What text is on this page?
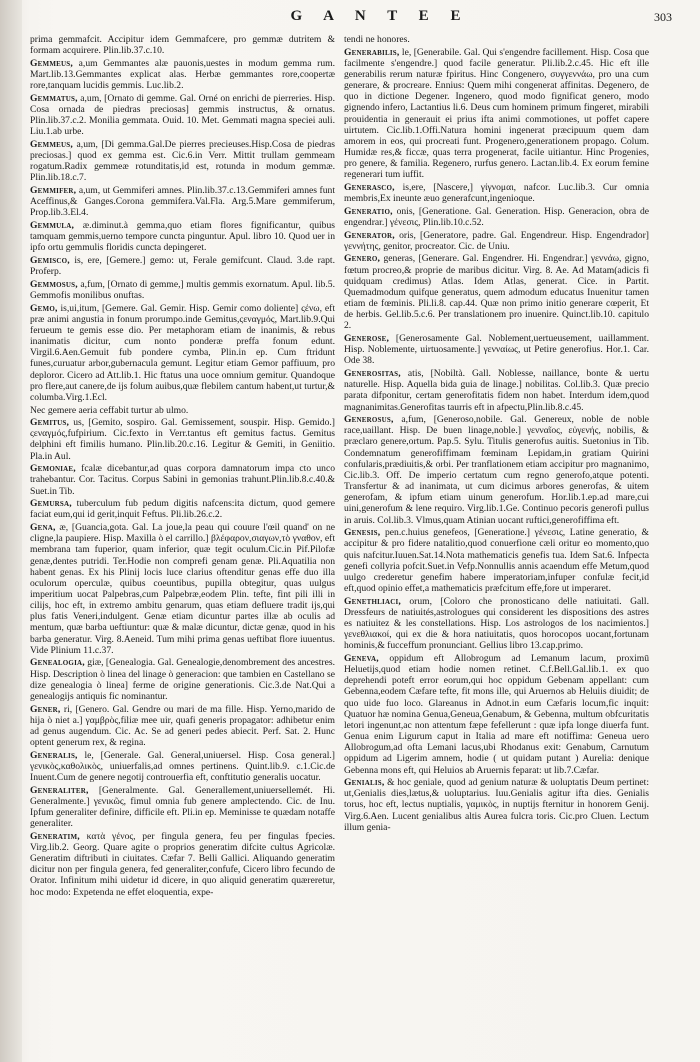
G A N T E E	303

prima gemmafcit. Accipitur idem Gemmafcere, pro gemmæ dutritem & formam acquirere. Plin.lib.37.c.10.

Gemmeus, a,um Gemmantes alæ pauonis,uestes in modum gemma rum. Mart.lib.13.Gemmantes explicat alas. Herbæ gemmantes rore,coopertæ rore,tanquam lucidis gemmis. Luc.lib.2.

Gemmatus, a,um, [Ornato di gemme. Gal. Orné on enrichi de pierreries. Hisp. Cosa ornada de piedras preciosas] gemmis instructus, & ornatus. Plin.lib.37.c.2. Monilia gemmata. Ouid. 10. Met. Gemmati magna speciei auli. Liu.1.ab urbe.

Gemmeus, a,um, [Di gemma.Gal.De pierres precieuses.Hisp.Cosa de piedras preciosas.] quod ex gemma est. Cic.6.in Verr. Mittit trullam gemmeam rogatum.Radix gemmeæ rotunditatis,id est, rotunda in modum gemmæ. Plin.lib.18.c.7.

Gemmifer, a,um, ut Gemmiferi amnes. Plin.lib.37.c.13.Gemmiferi amnes funt Aceffinus,& Ganges.Corona gemmifera.Val.Fla. Arg.5.Mare gemmiferum, Prop.lib.3.El.4.

Gemmula, æ.diminut.à gemma,quo etiam flores fignificantur, quibus tamquam gemmis,uerno tempore cuncta pinguntur. Apul. libro 10. Quod uer in ipfo ortu gemmulis floridis cuncta depingeret.

Gemisco, is, ere, [Gemere.] gemo: ut, Ferale gemifcunt. Claud. 3.de rapt. Proferp.

Gemmosus, a,fum, [Ornato di gemme,] multis gemmis exornatum. Apul. lib.5. Gemmofis monilibus onuftas.

Gemo, is,ui,itum, [Gemere. Gal. Gemir. Hisp. Gemir como doliente] ςένω, eft præ animi angustia in fonum prorumpo.inde Gemitus,ςεναγμός, Mart.lib.9.Qui ferueum te gemis esse dio. Per metaphoram etiam de inanimis, & rebus inanimatis dicitur, cum nonto ponderæ preffa fonum edunt. Virgil.6.Aen.Gemuit fub pondere cymba, Plin.in ep. Cum ftridunt funes,curuatur arbor,gubernacula gemunt. Legitur etiam Gemor paffiuum, pro deploror. Cicero ad Att.lib.1. Hic ftatus una uoce omnium gemitur. Quandoque pro flere,aut canere,de ijs folum auibus,quæ flebilem cantum habent,ut turtur,& columba.Virg.1.Ecl.

Nec gemere aeria ceffabit turtur ab ulmo.

Gemitus, us, [Gemito, sospiro. Gal. Gemissement, souspir. Hisp. Gemido.] ςεναγμός,fufpirium. Cic.fexto in Verr.tantus eft gemitus factus. Gemitus delphini eft fimilis humano. Plin.lib.20.c.16. Legitur & Gemiti, in Geniitio. Pla.in Aul.

Gemoniae, fcalæ dicebantur,ad quas corpora damnatorum impa cto unco trahebantur. Cor. Tacitus. Corpus Sabini in gemonias trahunt.Plin.lib.8.c.40.& Suet.in Tib.

Gemursa, tuberculum fub pedum digitis nafcens:ita dictum, quod gemere faciat eum,qui id gerit,inquit Feftus. Pli.lib.26.c.2.

Gena, æ, [Guancia,gota. Gal. La joue,la peau qui couure l'œil quand' on ne cligne,la paupiere. Hisp. Maxilla ò el carrillo.] βλέφαρον,σιαγων,τὸ γναθον, eft membrana tam fuperior, quam inferior, quæ tegit oculum.Cic.in Pif.Pilofæ genæ,dentes putridi. Ter.Hodie non comprefi genam genæ. Pli.Aquatilia non habent genas. Ex his Plinij locis luce clarius oftenditur genas effe duo illa oculorum operculæ, quibus coeuntibus, pupilla obtegitur, quas uulgus imperitium uocat Palpebras,cum Palpebræ,eodem Plin. tefte, fint pili illi in cilijs, hoc eft, in extremo ambitu genarum, quas etiam defluere tradit ijs,qui plus fatis Veneri,indulgent. Genæ etiam dicuntur partes illæ ab oculis ad mentum, quæ barba ueftiuntur: quæ & malæ dicuntur, dictæ genæ, quod in his barba generatur. Virg. 8.Aeneid. Tum mihi prima genas ueftibat flore iuuentus. Vide Plinium 11.c.37.

Genealogia, giæ, [Genealogia. Gal. Genealogie,denombrement des ancestres. Hisp. Description ò linea del linage ò generacion: que tambien en Castellano se dize genealogia ò linea] ferme de origine generationis. Cic.3.de Nat.Qui a genealogijs antiquis fic nominantur.

Gener, ri, [Genero. Gal. Gendre ou mari de ma fille. Hisp. Yerno,marido de hija ò niet a.] γαμβρὸς,filiæ mee uir, quafi generis propagator: adhibetur enim ad genus augendum. Cic. Ac. Se ad generi pedes abiecit. Perf. Sat. 2. Hunc optent generum rex, & regina.

Generalis, le, [Generale. Gal. General,uniuersel. Hisp. Cosa general.] γενικὸς,καθολικὸς, uniuerfalis,ad omnes pertinens. Quint.lib.9. c.1.Cic.de Inuent.Cum de genere negotij controuerfia eft, conftitutio generalis uocatur.

Generaliter, [Generalmente. Gal. Generallement,uniuersellemét. Hi. Generalmente.] γενικῶς, fimul omnia fub genere amplectendo. Cic. de Inu. Ipfum generaliter definire, difficile eft. Pli.in ep. Meminisse te quædam notaffe generaliter.

Generatim, κατὰ γένος, per fingula genera, feu per fingulas fpecies. Virg.lib.2. Georg. Quare agite o proprios generatim difcite cultus Agricolæ. Generatim diftributi in ciuitates. Cæfar 7. Belli Gallici. Aliquando generatim dicitur non per fingula genera, fed generaliter,confufe, Cicero libro fecundo de Orator. Infinitum mihi uidetur id dicere, in quo aliquid generatim quæreretur, hoc modo: Expetenda ne effet eloquentia, expe-

tendi ne honores.

Generabilis, le, [Generabile. Gal. Qui s'engendre facillement. Hisp. Cosa que facilmente s'engendre.] quod facile generatur. Pli.lib.2.c.45. Hic eft ille generabilis rerum naturæ fpiritus. Hinc Congenero, συγγεννάω, pro una cum generare, & procreare. Ennius: Quem mihi congenerat affinitas. Degenero, de quo in dictione Degener. Ingenero, quod modo fignificat genero, modo gignendo infero, Lactantius li.6. Deus cum hominem primum fingeret, mirabili prouidentia in generauit ei prius ifta animi commotiones, ut poffet capere uirtutem. Cic.lib.1.Offi.Natura homini ingenerat præcipuum quem dam amorem in eos, qui procreati funt. Progenero,generationem propago. Colum. Humidæ res,& ficcæ, quas terra progenerat, facile uitiantur. Hinc Progenies, pro genere, & familia. Regenero, rurfus genero. Lactan.lib.4. Ex eorum femine regenerari tum iuffit.

Generasco, is,ere, [Nascere,] γίγνομαι, nafcor. Luc.lib.3. Cur omnia membris,Ex ineunte æuo generafcunt,ingenioque.

Generatio, onis, [Generatione. Gal. Generation. Hisp. Generacion, obra de engendrar.] γένεσις, Plin.lib.10.c.52.

Generator, oris, [Generatore, padre. Gal. Engendreur. Hisp. Engendrador] γεννήτης, genitor, procreator. Cic. de Uniu.

Genero, generas, [Generare. Gal. Engendrer. Hi. Engendrar.] γεννάω, gigno, fœtum procreo,& proprie de maribus dicitur. Virg. 8. Ae. Ad Matam(adicis fi quidquam credimus) Atlas. Idem Atlas, generat. Cice. in Partit. Quemadmodum quifque generatus, quem admodum educatus Inuenitur tamen etiam de fœminis. Pli.li.8. cap.44. Quæ non primo initio generare cœperit, Et de herbis. Gel.lib.5.c.6. Per translationem pro inuenire. Quinct.lib.10. capitulo 2.

Generose, [Generosamente Gal. Noblement,uertueusement, uaillamment. Hisp. Noblemente, uirtuosamente.] γενναίως, ut Petire generofius. Hor.1. Car. Ode 38.

Generositas, atis, [Nobiltà. Gall. Noblesse, naillance, bonte & uertu naturelle. Hisp. Aquella bida guia de linage.] nobilitas. Col.lib.3. Quæ precio parata difponitur, certam generofitatis fidem non habet. Interdum idem,quod magnanimitas.Generofitas taurris eft in afpectu,Plin.lib.8.c.45.

Generosus, a,fum, [Generoso,nobile. Gal. Genereux, noble de noble race,uaillant. Hisp. De buen linage,noble.] γενναῖος, εὐγενής, nobilis, & præclaro genere,ortum. Pap.5. Sylu. Titulis generofus auitis. Suetonius in Tib. Condemnatum generofiffimam fœminam Lepidam,in gratiam Quirini confularis,prædiuitis,& orbi. Per tranflationem etiam accipitur pro magnanimo, Cic.lib.3. Off. De imperio certatum cum regno generofo,atque potenti. Transfertur & ad inanimata, ut cum dicimus arbores generofas, & uitem generofam, & ipfum etiam uinum generofum. Hor.lib.1.ep.ad mare,cui uini,generofum & lene requiro. Virg.lib.1.Ge. Continuo pecoris generofi pullus in aruis. Col.lib.3. Vlmus,quam Atinian uocant ruftici,generofiffima eft.

Genesis, pen.c.huius genefeos, [Generatione.] γένεσις, Latine generatio, & accipitur & pro fidere natalitio,quod conuerfione cæli oritur eo momento,quo quis nafcitur.Iuuen.Sat.14.Nota mathematicis genefis tua. Idem Sat.6. Infpecta genefi collyria pofcit.Suet.in Vefp.Nonnullis annis acaendum effe Metum,quod uulgo crederetur genefim habere imperatoriam,infuper confulæ fecit,id eft,quod opinio effet,a mathematicis præfcitum effe,fore ut imperaret.

Genethliaci, orum, [Coloro che pronosticano delle natiuitati. Gall. Dressfeurs de natiuités,astrologues qui considerent les dispositions des astres es natiuitez & les constellations. Hisp. Los astrologos de los nacimientos.] γενεθλιακοί, qui ex die & hora natiuitatis, quos horocopos uocant,fortunam hominis,& fucceffum pronunciant. Gellius libro 13.cap.primo.

Geneva, oppidum eft Allobrogum ad Lemanum lacum, proximū Heluetijs,quod etiam hodie nomen retinet. C.f.Bell.Gal.lib.1. ex quo deprehendi poteft error eorum,qui hoc oppidum Gebenam appellant: cum Gebenna,eodem Cæfare tefte, fit mons ille, qui Aruernos ab Heluiis diuidit; de quo uide fuo loco. Glareanus in Adnot.in eum Cæfaris locum,fic inquit: Quatuor hæ nomina Genua,Geneua,Genabum, & Gebenna, multum obfcuritatis letori ingenunt,ac non attentum fæpe fefellerunt : quæ ipfa longe diuerfa funt. Genua enim Ligurum caput in Italia ad mare eft notiffima: Geneua uero Allobrogum,ad ofta Lemani lacus,ubi Rhodanus exit: Genabum, Carnutum oppidum ad Ligerim amnem, hodie ( ut quidam putant ) Aurelia: denique Gebenna mons eft, qui Heluios ab Aruernis feparat: ut lib.7.Cæfar.

Genialis, & hoc geniale, quod ad genium naturæ & uoluptatis Deum pertinet: ut,Genialis dies,lætus,& uoluptarius. Iuu.Genialis agitur ifta dies. Genialis torus, hoc eft, lectus nuptialis, γαμικὸς, in nuptijs fternitur in honorem Genij. Virg.6.Aen. Lucent genialibus altis Aurea fulcra toris. Cic.pro Cluen. Lectum illum genia-
